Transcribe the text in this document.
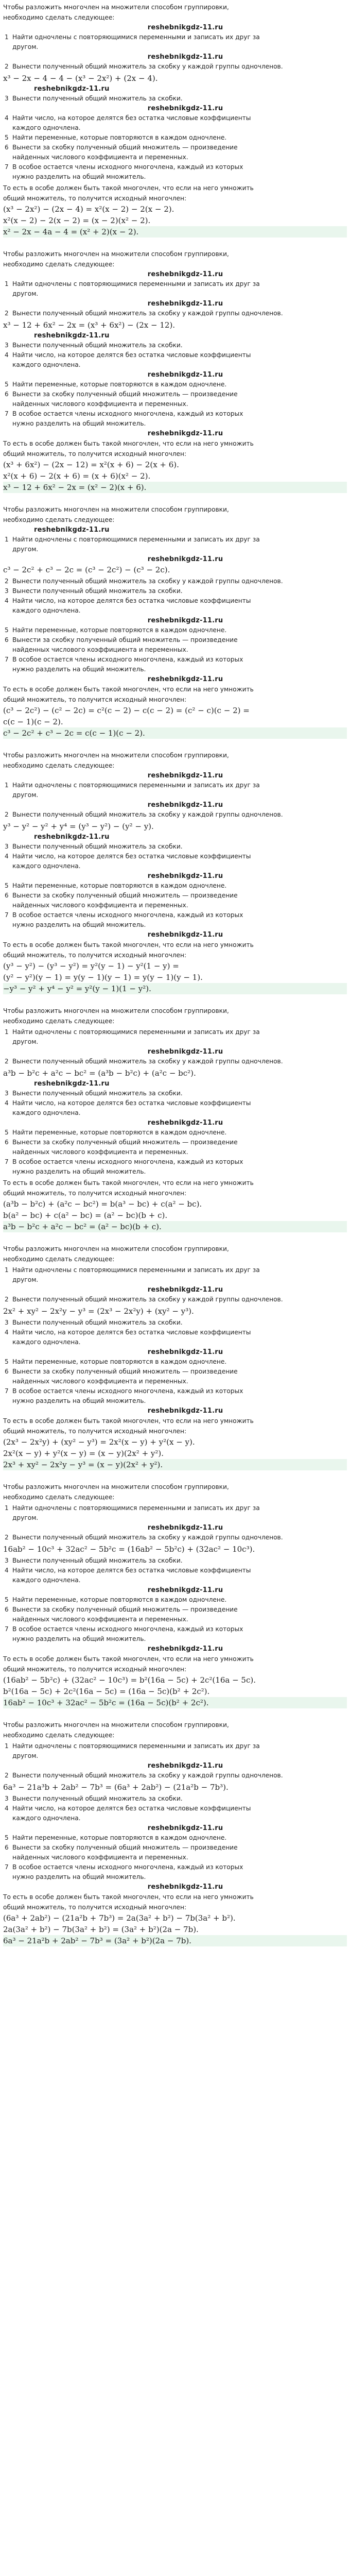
Чтобы разложить многочлен на множители способом группировки,

необходимо сделать следующее:

reshebnikgdz-11.ru
1 Найти одночлены с повторяющимися переменными и записать их друг за
другом.
reshebnikgdz-11.ru
2 Вынести полученный общий множитель за скобку у каждой группы одночленов.

x³ − 2x − 4 − 4 − (x³ − 2x²) + (2x − 4).

reshebnikgdz-11.ru
3 Вынести полученный общий множитель за скобки.
reshebnikgdz-11.ru
4 Найти число, на которое делятся без остатка числовые коэффициенты
каждого одночлена.
5 Найти переменные, которые повторяются в каждом одночлене.
6 Вынести за скобку полученный общий множитель — произведение
найденных числового коэффициента и переменных.
7 В особое остается члены исходного многочлена, каждый из которых
нужно разделить на общий множитель.

То есть в особе должен быть такой многочлен, что если на него умножить

общий множитель, то получится исходный многочлен:

(x³ − 2x²) − (2x − 4) = x²(x − 2) − 2(x − 2).

x²(x − 2) − 2(x − 2) = (x − 2)(x² − 2).

x² − 2x − 4a − 4 = (x² + 2)(x − 2).

Чтобы разложить многочлен на множители способом группировки,

необходимо сделать следующее:

reshebnikgdz-11.ru
1 Найти одночлены с повторяющимися переменными и записать их друг за
другом.
reshebnikgdz-11.ru
2 Вынести полученный общий множитель за скобку у каждой группы одночленов.

x³ − 12 + 6x² − 2x = (x³ + 6x²) − (2x − 12).

reshebnikgdz-11.ru
3 Вынести полученный общий множитель за скобки.
4 Найти число, на которое делятся без остатка числовые коэффициенты
каждого одночлена.
reshebnikgdz-11.ru
5 Найти переменные, которые повторяются в каждом одночлене.
6 Вынести за скобку полученный общий множитель — произведение
найденных числового коэффициента и переменных.
7 В особое остается члены исходного многочлена, каждый из которых
нужно разделить на общий множитель.
reshebnikgdz-11.ru

То есть в особе должен быть такой многочлен, что если на него умножить

общий множитель, то получится исходный многочлен:

(x³ + 6x²) − (2x − 12) = x²(x + 6) − 2(x + 6).

x²(x + 6) − 2(x + 6) = (x + 6)(x² − 2).

x³ − 12 + 6x² − 2x = (x² − 2)(x + 6).

Чтобы разложить многочлен на множители способом группировки,

необходимо сделать следующее:

reshebnikgdz-11.ru
1 Найти одночлены с повторяющимися переменными и записать их друг за
другом.
reshebnikgdz-11.ru

c³ − 2c² + c³ − 2c = (c³ − 2c²) − (c³ − 2c).

2 Вынести полученный общий множитель за скобку у каждой группы одночленов.
3 Вынести полученный общий множитель за скобки.
4 Найти число, на которое делятся без остатка числовые коэффициенты
каждого одночлена.
reshebnikgdz-11.ru
5 Найти переменные, которые повторяются в каждом одночлене.
6 Вынести за скобку полученный общий множитель — произведение
найденных числового коэффициента и переменных.
7 В особое остается члены исходного многочлена, каждый из которых
нужно разделить на общий множитель.
reshebnikgdz-11.ru

То есть в особе должен быть такой многочлен, что если на него умножить

общий множитель, то получится исходный многочлен:

(c³ − 2c²) − (c² − 2c) = c²(c − 2) − c(c − 2) = (c² − c)(c − 2) =

c(c − 1)(c − 2).

c³ − 2c² + c³ − 2c = c(c − 1)(c − 2).

Чтобы разложить многочлен на множители способом группировки,

необходимо сделать следующее:

reshebnikgdz-11.ru
1 Найти одночлены с повторяющимися переменными и записать их друг за
другом.
reshebnikgdz-11.ru
2 Вынести полученный общий множитель за скобку у каждой группы одночленов.

y³ − y² − y² + y⁴ = (y³ − y²) − (y² − y).

reshebnikgdz-11.ru
3 Вынести полученный общий множитель за скобки.
4 Найти число, на которое делятся без остатка числовые коэффициенты
каждого одночлена.
reshebnikgdz-11.ru
5 Найти переменные, которые повторяются в каждом одночлене.
6 Вынести за скобку полученный общий множитель — произведение
найденных числового коэффициента и переменных.
7 В особое остается члены исходного многочлена, каждый из которых
нужно разделить на общий множитель.
reshebnikgdz-11.ru

То есть в особе должен быть такой многочлен, что если на него умножить

общий множитель, то получится исходный многочлен:

(y³ − y²) − (y³ − y²) = y²(y − 1) − y²(1 − y) =

(y² − y²)(y − 1) = y(y − 1)(y − 1) = y(y − 1)(y − 1).

−y³ − y² + y⁴ − y² = y²(y − 1)(1 − y²).

Чтобы разложить многочлен на множители способом группировки,

необходимо сделать следующее:

1 Найти одночлены с повторяющимися переменными и записать их друг за
другом.
reshebnikgdz-11.ru
2 Вынести полученный общий множитель за скобку у каждой группы одночленов.

a³b − b²c + a²c − bc² = (a³b − b²c) + (a²c − bc²).

reshebnikgdz-11.ru
3 Вынести полученный общий множитель за скобки.
4 Найти число, на которое делятся без остатка числовые коэффициенты
каждого одночлена.
reshebnikgdz-11.ru
5 Найти переменные, которые повторяются в каждом одночлене.
6 Вынести за скобку полученный общий множитель — произведение
найденных числового коэффициента и переменных.
7 В особое остается члены исходного многочлена, каждый из которых
нужно разделить на общий множитель.

То есть в особе должен быть такой многочлен, что если на него умножить

общий множитель, то получится исходный многочлен:

(a³b − b²c) + (a²c − bc²) = b(a³ − bc) + c(a² − bc).

b(a² − bc) + c(a² − bc) = (a² − bc)(b + c).

a³b − b²c + a²c − bc² = (a² − bc)(b + c).

Чтобы разложить многочлен на множители способом группировки,

необходимо сделать следующее:

1 Найти одночлены с повторяющимися переменными и записать их друг за
другом.
reshebnikgdz-11.ru
2 Вынести полученный общий множитель за скобку у каждой группы одночленов.

2x² + xy² − 2x²y − y³ = (2x³ − 2x²y) + (xy² − y³).

3 Вынести полученный общий множитель за скобки.
4 Найти число, на которое делятся без остатка числовые коэффициенты
каждого одночлена.
reshebnikgdz-11.ru
5 Найти переменные, которые повторяются в каждом одночлене.
6 Вынести за скобку полученный общий множитель — произведение
найденных числового коэффициента и переменных.
7 В особое остается члены исходного многочлена, каждый из которых
нужно разделить на общий множитель.
reshebnikgdz-11.ru

То есть в особе должен быть такой многочлен, что если на него умножить

общий множитель, то получится исходный многочлен:

(2x³ − 2x²y) + (xy² − y³) = 2x²(x − y) + y²(x − y).

2x²(x − y) + y²(x − y) = (x − y)(2x² + y²).

2x³ + xy² − 2x²y − y³ = (x − y)(2x² + y²).

Чтобы разложить многочлен на множители способом группировки,

необходимо сделать следующее:

1 Найти одночлены с повторяющимися переменными и записать их друг за
другом.
reshebnikgdz-11.ru
2 Вынести полученный общий множитель за скобку у каждой группы одночленов.

16ab² − 10c³ + 32ac² − 5b²c = (16ab² − 5b²c) + (32ac² − 10c³).

3 Вынести полученный общий множитель за скобки.
4 Найти число, на которое делятся без остатка числовые коэффициенты
каждого одночлена.
reshebnikgdz-11.ru
5 Найти переменные, которые повторяются в каждом одночлене.
6 Вынести за скобку полученный общий множитель — произведение
найденных числового коэффициента и переменных.
7 В особое остается члены исходного многочлена, каждый из которых
нужно разделить на общий множитель.
reshebnikgdz-11.ru

То есть в особе должен быть такой многочлен, что если на него умножить

общий множитель, то получится исходный многочлен:

(16ab² − 5b²c) + (32ac² − 10c³) = b²(16a − 5c) + 2c²(16a − 5c).

b²(16a − 5c) + 2c²(16a − 5c) = (16a − 5c)(b² + 2c²).

16ab² − 10c³ + 32ac² − 5b²c = (16a − 5c)(b² + 2c²).

Чтобы разложить многочлен на множители способом группировки,

необходимо сделать следующее:

1 Найти одночлены с повторяющимися переменными и записать их друг за
другом.
reshebnikgdz-11.ru
2 Вынести полученный общий множитель за скобку у каждой группы одночленов.

6a³ − 21a³b + 2ab² − 7b³ = (6a³ + 2ab²) − (21a²b − 7b³).

3 Вынести полученный общий множитель за скобки.
4 Найти число, на которое делятся без остатка числовые коэффициенты
каждого одночлена.
reshebnikgdz-11.ru
5 Найти переменные, которые повторяются в каждом одночлене.
6 Вынести за скобку полученный общий множитель — произведение
найденных числового коэффициента и переменных.
7 В особое остается члены исходного многочлена, каждый из которых
нужно разделить на общий множитель.
reshebnikgdz-11.ru

То есть в особе должен быть такой многочлен, что если на него умножить

общий множитель, то получится исходный многочлен:

(6a³ + 2ab²) − (21a²b + 7b³) = 2a(3a² + b²) − 7b(3a² + b²).

2a(3a² + b²) − 7b(3a² + b²) = (3a² + b²)(2a − 7b).

6a³ − 21a²b + 2ab² − 7b³ = (3a² + b²)(2a − 7b).
